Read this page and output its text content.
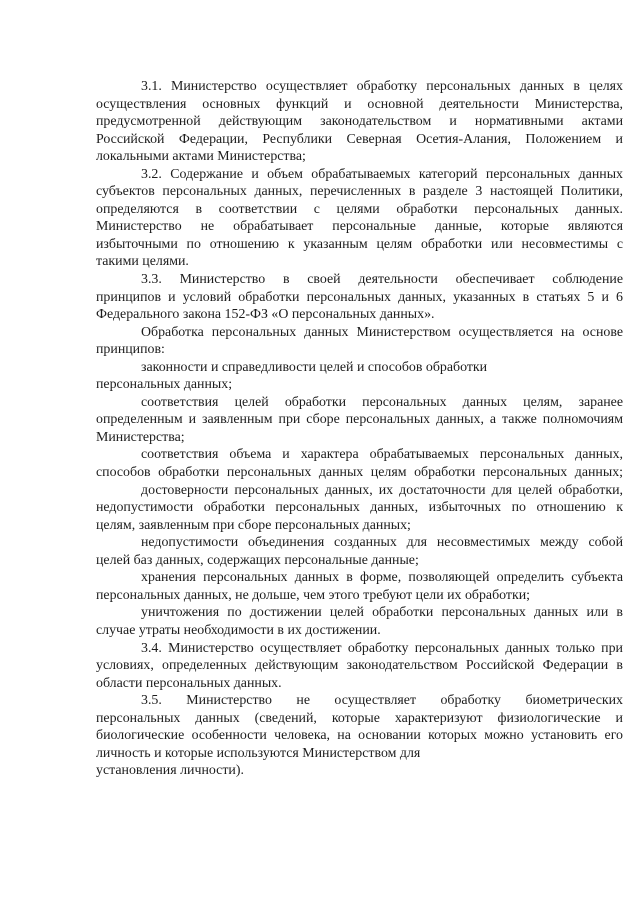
3.1. Министерство осуществляет обработку персональных данных в целях
осуществления основных функций и основной деятельности Министерства,
предусмотренной действующим законодательством и нормативными актами
Российской Федерации, Республики Северная Осетия-Алания, Положением и
локальными актами Министерства;
3.2. Содержание и объем обрабатываемых категорий персональных данных
субъектов персональных данных, перечисленных в разделе 3 настоящей Политики,
определяются в соответствии с целями обработки персональных данных.
Министерство не обрабатывает персональные данные, которые являются
избыточными по отношению к указанным целям обработки или несовместимы с
такими целями.
3.3. Министерство в своей деятельности обеспечивает соблюдение
принципов и условий обработки персональных данных, указанных в статьях 5 и 6
Федерального закона 152-ФЗ «О персональных данных».
Обработка персональных данных Министерством осуществляется на основе
принципов:
законности и справедливости целей и способов обработки
персональных данных;
соответствия целей обработки персональных данных целям, заранее
определенным и заявленным при сборе персональных данных, а также полномочиям
Министерства;
соответствия объема и характера обрабатываемых персональных данных,
способов обработки персональных данных целям обработки персональных данных;
достоверности персональных данных, их достаточности для целей обработки,
недопустимости обработки персональных данных, избыточных по отношению к
целям, заявленным при сборе персональных данных;
недопустимости объединения созданных для несовместимых между собой
целей баз данных, содержащих персональные данные;
хранения персональных данных в форме, позволяющей определить субъекта
персональных данных, не дольше, чем этого требуют цели их обработки;
уничтожения по достижении целей обработки персональных данных или в
случае утраты необходимости в их достижении.
3.4. Министерство осуществляет обработку персональных данных только при
условиях, определенных действующим законодательством Российской Федерации в
области персональных данных.
3.5. Министерство не осуществляет обработку биометрических
персональных данных (сведений, которые характеризуют физиологические и
биологические особенности человека, на основании которых можно установить его
личность и которые используются Министерством для
установления личности).
